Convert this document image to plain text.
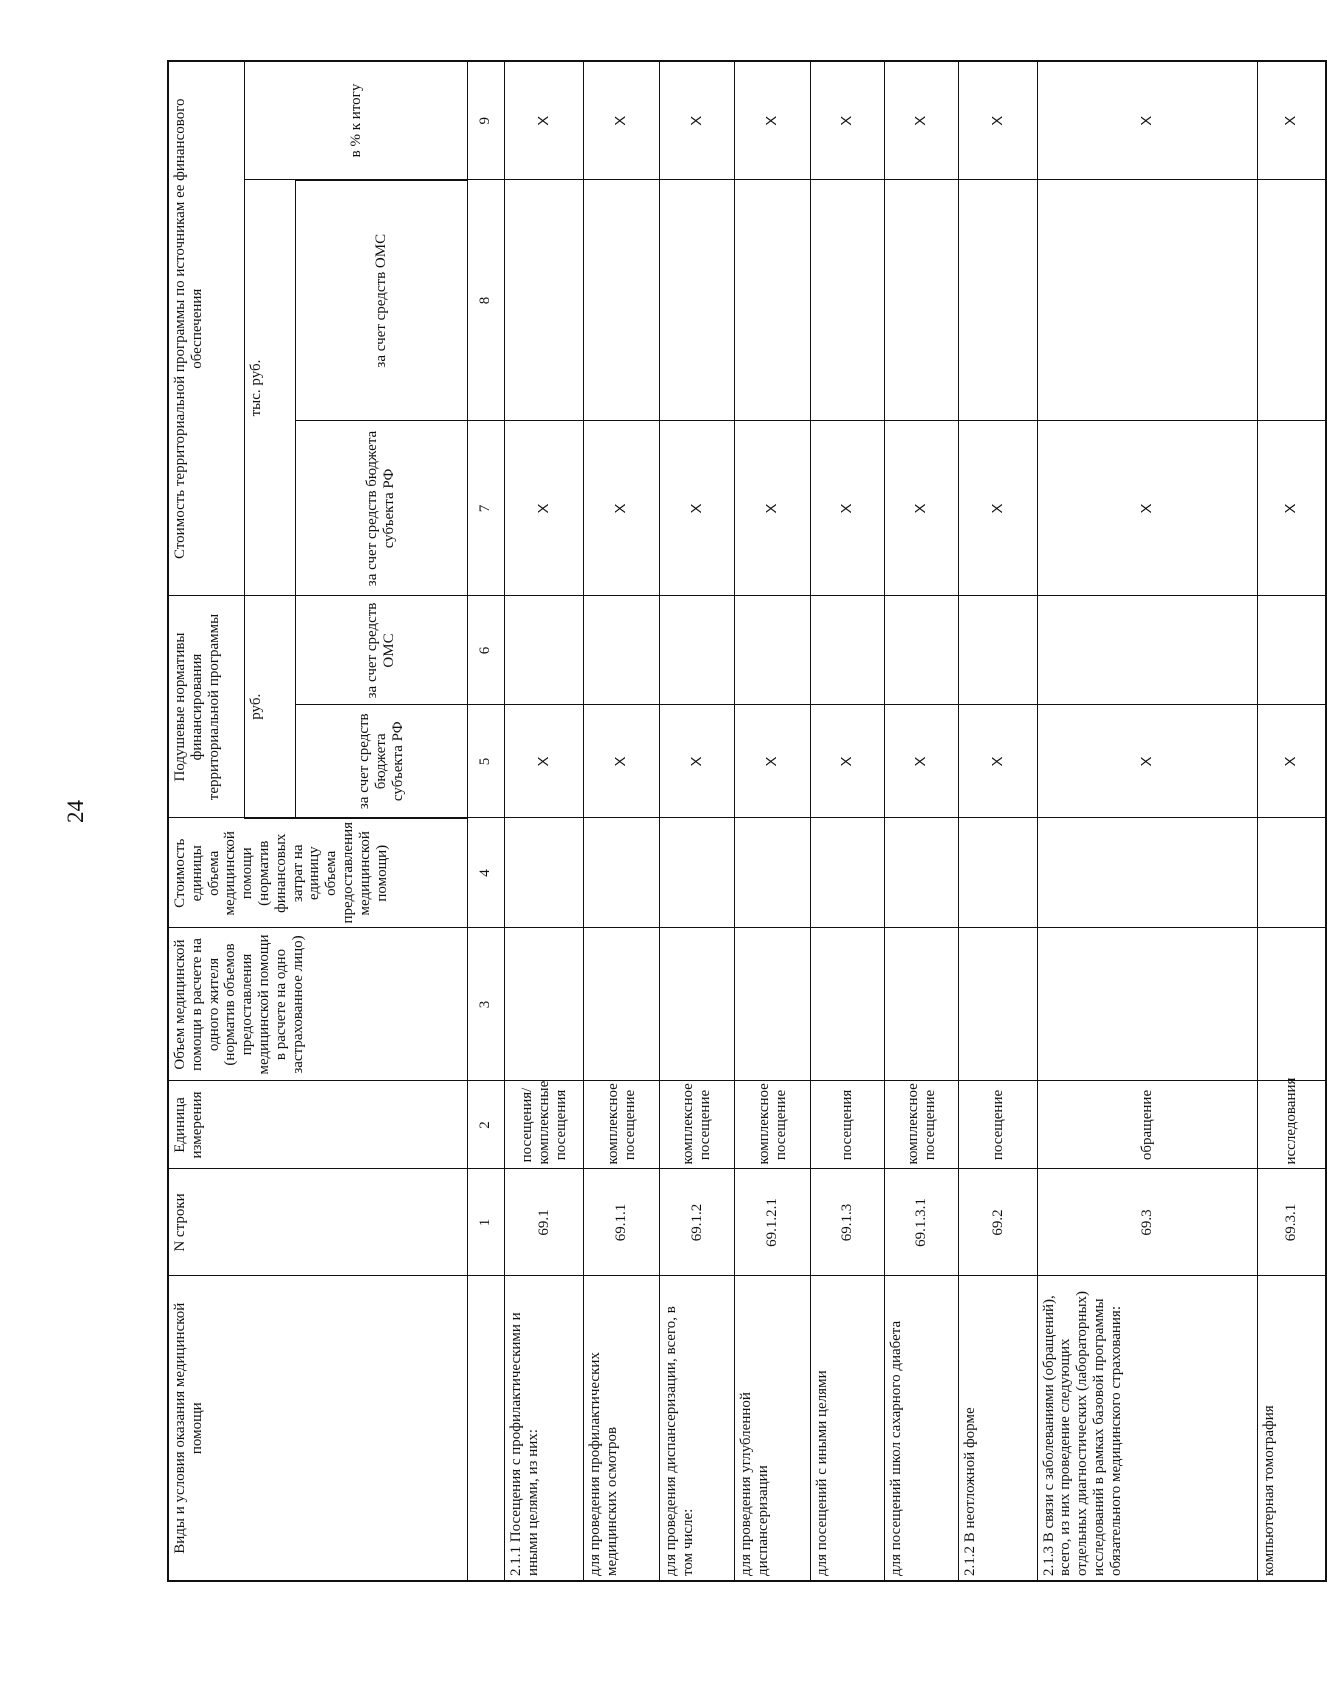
24
Виды и условия оказания медицинской помощи	N строки	Единица измерения	Объем медицинской помощи в расчете на одного жителя (норматив объемов предоставления медицинской помощи в расчете на одно застрахованное лицо)	Стоимость единицы объема медицинской помощи (норматив финансовых затрат на единицу объема предоставления медицинской помощи)	Подушевые нормативы финансирования территориальной программы		Стоимость территориальной программы по источникам ее финансового обеспечения		
					руб.		тыс. руб.		в % к итогу
					за счет средств бюджета субъекта РФ	за счет средств ОМС	за счет средств бюджета субъекта РФ	за счет средств ОМС	
	1	2	3	4	5	6	7	8	9
2.1.1 Посещения с профилактическими и иными целями, из них:	69.1	посещения/комплексные посещения			X		X		X
для проведения профилактических медицинских осмотров	69.1.1	комплексное посещение			X		X		X
для проведения диспансеризации, всего, в том числе:	69.1.2	комплексное посещение			X		X		X
для проведения углубленной диспансеризации	69.1.2.1	комплексное посещение			X		X		X
для посещений с иными целями	69.1.3	посещения			X		X		X
для посещений школ сахарного диабета	69.1.3.1	комплексное посещение			X		X		X
2.1.2 В неотложной форме	69.2	посещение			X		X		X
2.1.3 В связи с заболеваниями (обращений), всего, из них проведение следующих отдельных диагностических (лабораторных) исследований в рамках базовой программы обязательного медицинского страхования:	69.3	обращение			X		X		X
компьютерная томография	69.3.1	исследования			X		X		X
